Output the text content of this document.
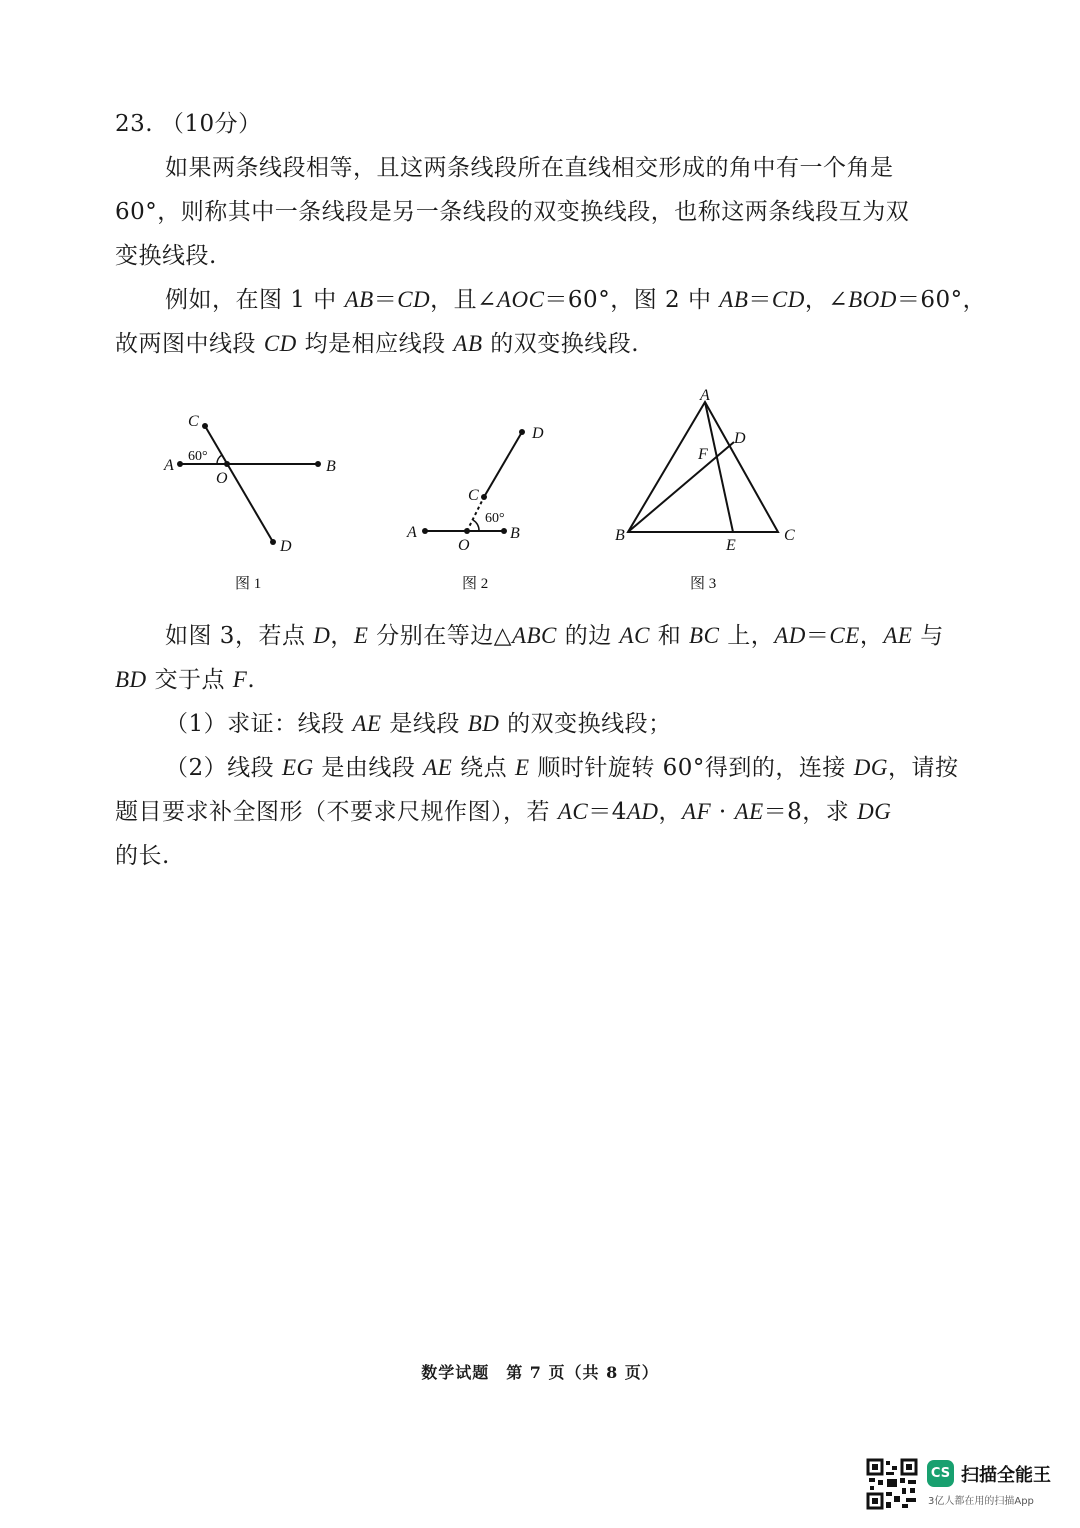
23. （10分）
如果两条线段相等，且这两条线段所在直线相交形成的角中有一个角是
60°，则称其中一条线段是另一条线段的双变换线段，也称这两条线段互为双
变换线段.
例如，在图 1 中 AB＝CD，且∠AOC＝60°，图 2 中 AB＝CD，∠BOD＝60°，
故两图中线段 CD 均是相应线段 AB 的双变换线段.
C
A	B
O
D
60°
图 1
D
C
A	B
O
60°
图 2
A
D
F
B
E
C
图 3
如图 3，若点 D，E 分别在等边△ABC 的边 AC 和 BC 上，AD＝CE，AE 与
BD 交于点 F.
（1）求证：线段 AE 是线段 BD 的双变换线段；
（2）线段 EG 是由线段 AE 绕点 E 顺时针旋转 60°得到的，连接 DG，请按
题目要求补全图形（不要求尺规作图），若 AC＝4AD，AF · AE＝8，求 DG
的长.
数学试题　第 7 页（共 8 页）
CS 扫描全能王
3亿人都在用的扫描App
